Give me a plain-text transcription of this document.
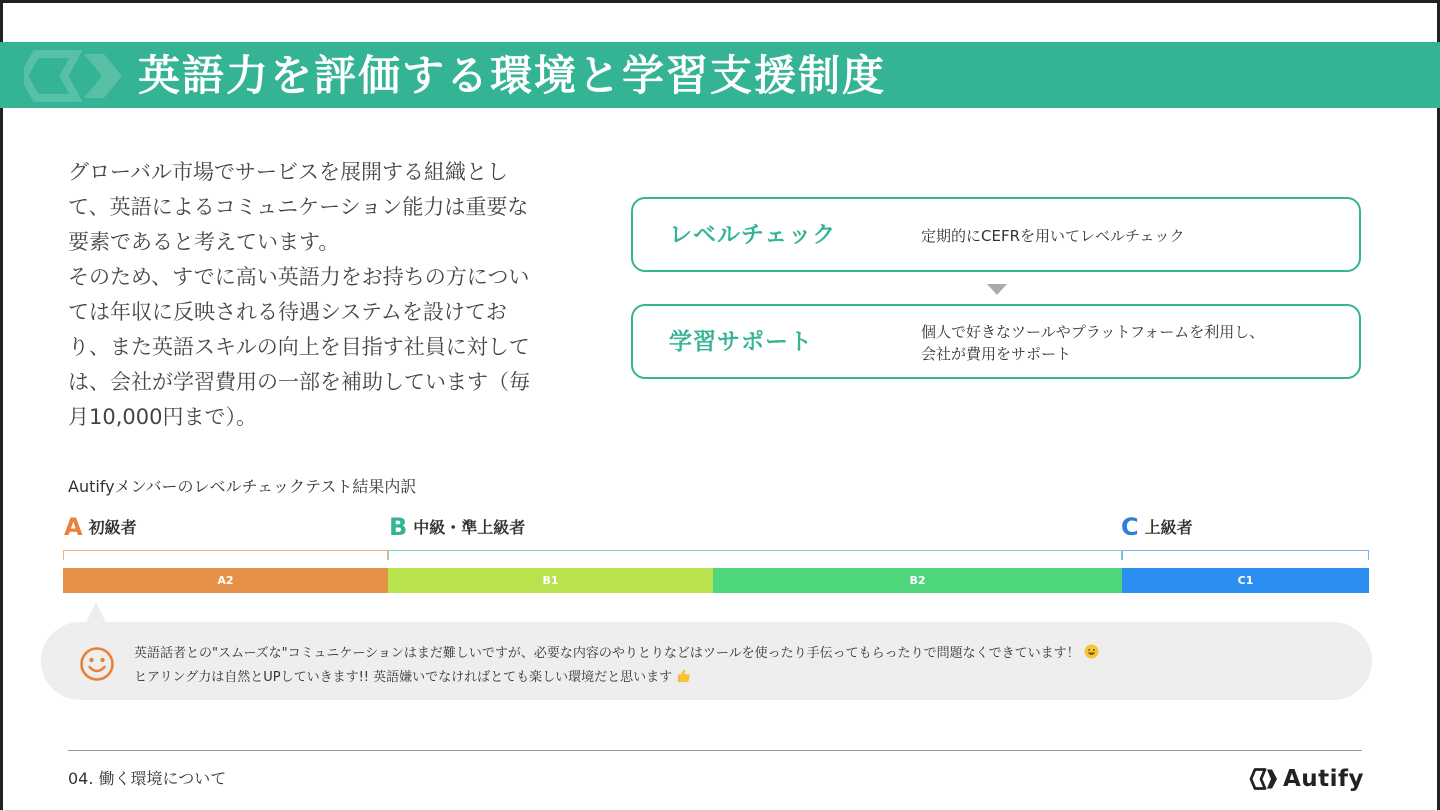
英語力を評価する環境と学習支援制度

グローバル市場でサービスを展開する組織とし

て、英語によるコミュニケーション能力は重要な

要素であると考えています。

そのため、すでに高い英語力をお持ちの方につい

ては年収に反映される待遇システムを設けてお

り、また英語スキルの向上を目指す社員に対して

は、会社が学習費用の一部を補助しています（毎

月10,000円まで）。

レベルチェック	定期的にCEFRを用いてレベルチェック
学習サポート	個人で好きなツールやプラットフォームを利用し、
会社が費用をサポート
Autifyメンバーのレベルチェックテスト結果内訳
A初級者	B中級・準上級者	C上級者
A2	B1	B2	C1
英語話者との"スムーズな"コミュニケーションはまだ難しいですが、必要な内容のやりとりなどはツールを使ったり手伝ってもらったりで問題なくできています！
ヒアリング力は自然とUPしていきます!! 英語嫌いでなければとても楽しい環境だと思います
04. 働く環境について	Autify
